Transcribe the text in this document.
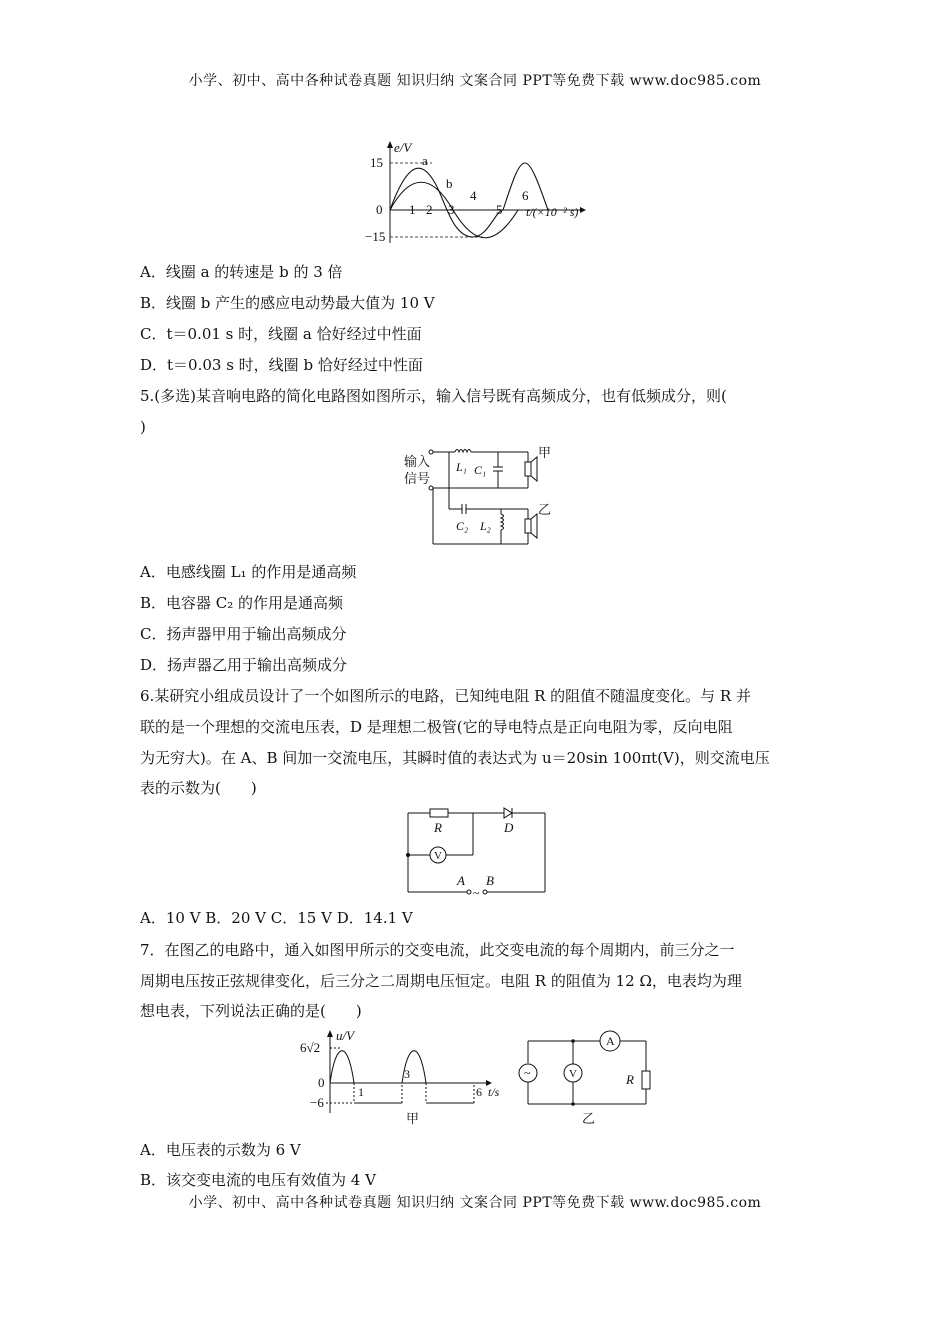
小学、初中、高中各种试卷真题 知识归纳 文案合同 PPT等免费下载 www.doc985.com
e/V
15
0
−15
a
b
1 2 3
4
5
6
t/(×10⁻² s)
A．线圈 a 的转速是 b 的 3 倍
B．线圈 b 产生的感应电动势最大值为 10 V
C．t＝0.01 s 时，线圈 a 恰好经过中性面
D．t＝0.03 s 时，线圈 b 恰好经过中性面
5.(多选)某音响电路的简化电路图如图所示，输入信号既有高频成分，也有低频成分，则(
)
输入
信号
L₁ C₁
C₂ L₂
甲
乙
A．电感线圈 L₁ 的作用是通高频
B．电容器 C₂ 的作用是通高频
C．扬声器甲用于输出高频成分
D．扬声器乙用于输出高频成分
6.某研究小组成员设计了一个如图所示的电路，已知纯电阻 R 的阻值不随温度变化。与 R 并
联的是一个理想的交流电压表，D 是理想二极管(它的导电特点是正向电阻为零，反向电阻
为无穷大)。在 A、B 间加一交流电压，其瞬时值的表达式为 u＝20sin 100πt(V)，则交流电压
表的示数为(　　)
R	D
V
A B
~
A．10 V B．20 V C．15 V D．14.1 V
7．在图乙的电路中，通入如图甲所示的交变电流，此交变电流的每个周期内，前三分之一
周期电压按正弦规律变化，后三分之二周期电压恒定。电阻 R 的阻值为 12 Ω，电表均为理
想电表，下列说法正确的是(　　)
u/V
6√2
0
−6
1
3
6 t/s
甲
A
V
~	R
乙
A．电压表的示数为 6 V
B．该交变电流的电压有效值为 4 V
小学、初中、高中各种试卷真题 知识归纳 文案合同 PPT等免费下载 www.doc985.com
